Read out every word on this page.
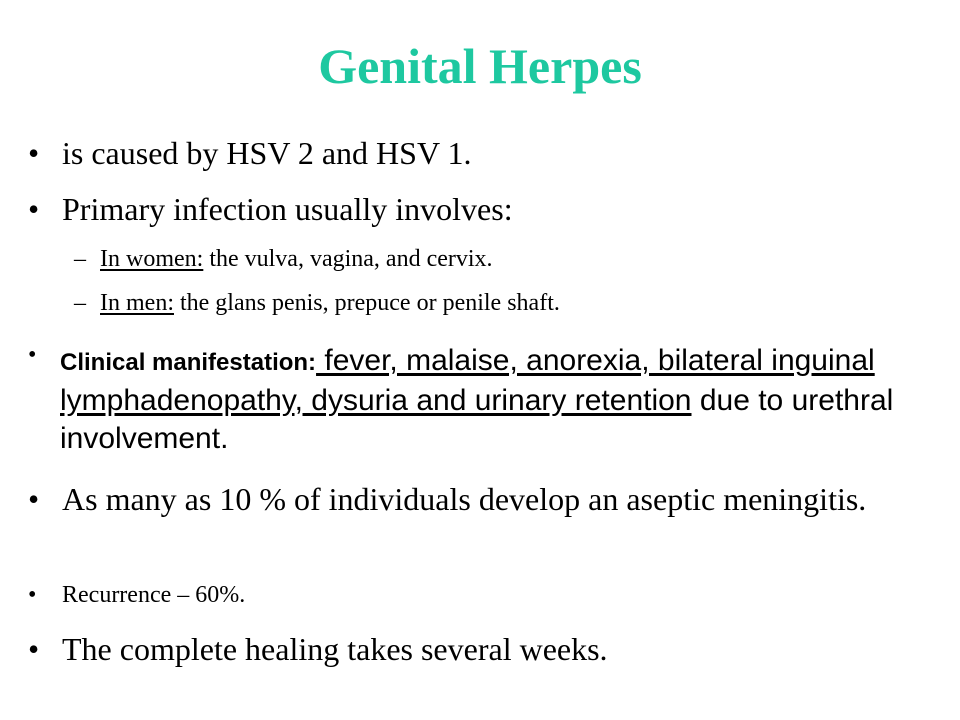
Genital Herpes
• is caused by HSV 2 and HSV 1.
• Primary infection usually involves:
– In women: the vulva, vagina, and cervix.
– In men: the glans penis, prepuce or penile shaft.
• Clinical manifestation: fever, malaise, anorexia, bilateral inguinal lymphadenopathy, dysuria and urinary retention due to urethral involvement.
• As many as 10 % of individuals develop an aseptic meningitis.
• Recurrence – 60%.
• The complete healing takes several weeks.
